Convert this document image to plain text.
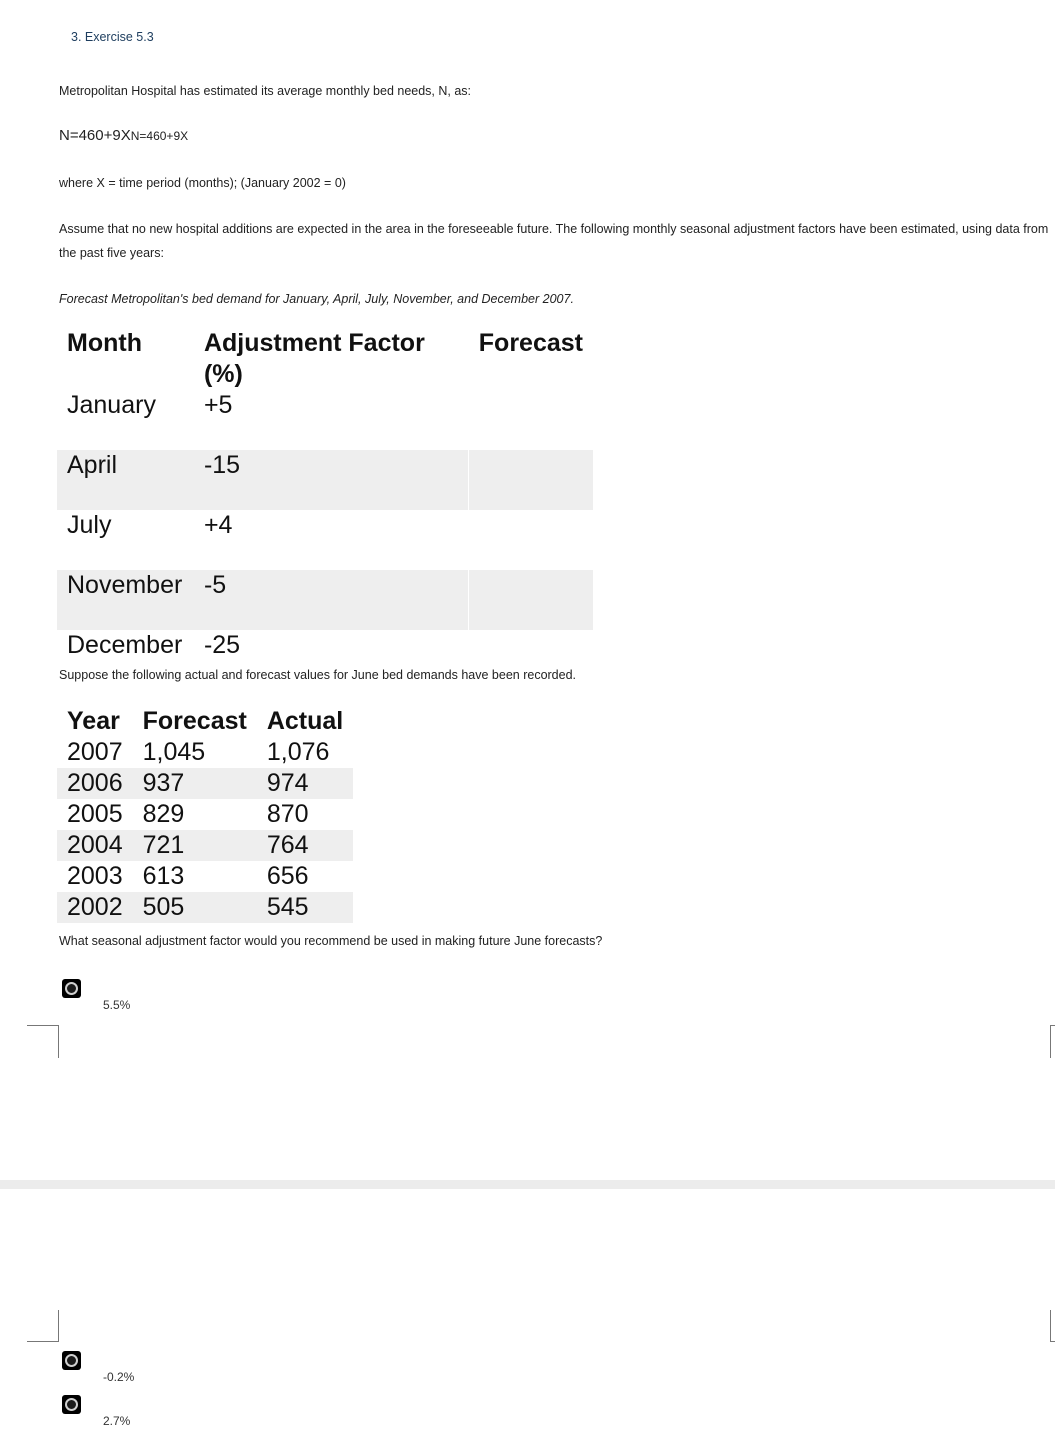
3. Exercise 5.3

Metropolitan Hospital has estimated its average monthly bed needs, N, as:

N=460+9XN=460+9X

where X = time period (months); (January 2002 = 0)

Assume that no new hospital additions are expected in the area in the foreseeable future. The following monthly seasonal adjustment factors have been estimated, using data from the past five years:

Forecast Metropolitan's bed demand for January, April, July, November, and December 2007.

Month	Adjustment Factor (%)	Forecast
January	+5	
April	-15	
July	+4	
November	-5	
December	-25	

Suppose the following actual and forecast values for June bed demands have been recorded.

Year	Forecast	Actual
2007	1,045	1,076
2006	937	974
2005	829	870
2004	721	764
2003	613	656
2002	505	545

What seasonal adjustment factor would you recommend be used in making future June forecasts?

5.5%
-0.2%
2.7%
